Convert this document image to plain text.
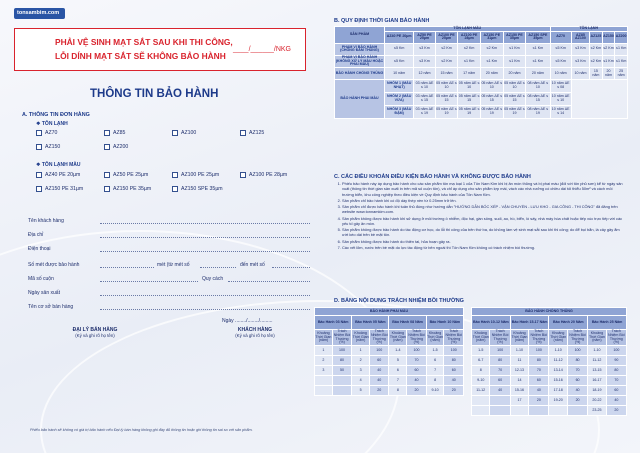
tonsambim.com
PHẢI VỆ SINH MẠT SẮT SAU KHI THI CÔNG,
LỖI DÍNH MẠT SẮT SẼ KHÔNG BẢO HÀNH
____/______/NKG
THÔNG TIN BẢO HÀNH
A. THÔNG TIN ĐƠN HÀNG
❖ TÔN LẠNH
❖ TÔN LẠNH MÀU
Tên khách hàng
Địa chỉ
Điện thoại
Số mét được bảo hành	mét (từ mét số	đến mét số
Mã số cuộn	Quy cách
Ngày sản xuất
Tên cơ sở bán hàng
Ngày ......../......../.........
ĐẠI LÝ BÁN HÀNG
(Ký và ghi rõ họ tên)
KHÁCH HÀNG
(Ký và ghi rõ họ tên)
Phiếu bảo hành sẽ không có giá trị bảo hành nếu Đại lý bán hàng không ghi đầy đủ thông tin hoặc ghi thông tin sai so với sản phẩm.
B. QUY ĐỊNH THỜI GIAN BẢO HÀNH
SẢN PHẨM	TÔN LẠNH MÀU							TÔN LẠNH				
	AZ40 PE 20µm	AZ50 PE 25µm	AZ100 PE 25µm	AZ100 PE 28µm	AZ150 PE 31µm	AZ150 PE 35µm	AZ150 SPE 35µm	AZ70	AZ85 AZ100	AZ125	AZ150	AZ200
PHẠM VI BẢO HÀNH (CHỐNG ĐÂM THỦNG)	≤5 Km	≤3 Km	≤2 Km	≤2 Km	≤2 Km	≤1 Km	≤1 Km	≤5 Km	≤3 Km	≤2 Km	≤2 Km	≤1 Km
PHẠM VI BẢO HÀNH (KHÔNG XỬ LÝ MÀU HOẶC PHAI MÀU)	≤5 Km	≤3 Km	≤2 Km	≤1 Km	≤1 Km	≤1 Km	≤1 Km	≤5 Km	≤3 Km	≤2 Km	≤1 Km	≤1 Km
BẢO HÀNH CHỐNG THỦNG	10 năm	12 năm	15 năm	17 năm	20 năm	20 năm	20 năm	10 năm	10 năm	15 năm	20 năm	25 năm
BẢO HÀNH PHAI MÀU	NHÓM 1 (MÀU NHẠT)	03 năm ΔE ≤ 10	05 năm ΔE ≤ 10	05 năm ΔE ≤ 10	05 năm ΔE ≤ 10	05 năm ΔE ≤ 10	08 năm ΔE ≤ 10	10 năm ΔE ≤ 08				
	NHÓM 2 (MÀU VỪA)	03 năm ΔE ≤ 15	05 năm ΔE ≤ 15	05 năm ΔE ≤ 15	05 năm ΔE ≤ 15	05 năm ΔE ≤ 15	08 năm ΔE ≤ 15	10 năm ΔE ≤ 10				
	NHÓM 3 (MÀU ĐẬM)	03 năm ΔE ≤ 19	05 năm ΔE ≤ 19	05 năm ΔE ≤ 19	05 năm ΔE ≤ 19	05 năm ΔE ≤ 19	08 năm ΔE ≤ 19	10 năm ΔE ≤ 14				
C. CÁC ĐIỀU KHOẢN ĐIỀU KIỆN BẢO HÀNH VÀ KHÔNG ĐƯỢC BẢO HÀNH
1. Phiếu bảo hành này áp dụng bảo hành cho các sản phẩm tôn mạ loại 1 của Tôn Nam Kim khi bị ăn mòn thủng và bị phai màu (đối với tôn phủ sơn) kể từ ngày sản xuất (thông tin thời gian sản xuất in trên mã số cuộn tôn), và chỉ áp dụng cho sản phẩm lợp mái, vách các nhà xưởng có chiều dài tối thiểu 50m² và cách môi trường biển, khu công nghiệp theo điều kiện về Quy định bảo hành của Tôn Nam Kim.
2. Sản phẩm chỉ bảo hành khi có độ dày thép nền từ 0.25mm trở lên.
3. Sản phẩm chỉ được bảo hành khi tuân thủ đúng như hướng dẫn "HƯỚNG DẪN BỐC XẾP - VẬN CHUYỂN - LƯU KHO - GIA CÔNG - THI CÔNG" đã đăng trên website www.tonnamkim.com.
4. Sản phẩm không được bảo hành khi sử dụng ở môi trường ô nhiễm, độc hại, gần sông, suối, ao, hồ, biển, lò sấy, nhà máy hóa chất hoặc tiếp xúc trực tiếp với các yếu tố gây ăn mòn.
5. Sản phẩm không được bảo hành do tác động cơ học, do lỗi thi công của bên thứ ba, do không làm vệ sinh mạt sắt sau khi thi công; do để bụi bẩn, lá cây gây ẩm ướt kéo dài trên bề mặt tôn.
6. Sản phẩm không được bảo hành do thiên tai, hỏa hoạn gây ra.
7. Các vết lõm, xước trên bề mặt do lực tác động từ bên ngoài thì Tôn Nam Kim không có trách nhiệm bồi thường.
D. BẢNG NỘI DUNG TRÁCH NHIỆM BỒI THƯỜNG
BẢO HÀNH PHAI MÀU							
Bảo Hành 03 Năm		Bảo Hành 05 Năm		Bảo Hành 08 Năm		Bảo Hành 10 Năm	
Khoảng Thời Gian (năm)	Trách Nhiệm Bồi Thường (%)	Khoảng Thời Gian (năm)	Trách Nhiệm Bồi Thường (%)	Khoảng Thời Gian (năm)	Trách Nhiệm Bồi Thường (%)	Khoảng Thời Gian (năm)	Trách Nhiệm Bồi Thường (%)
1	100	1	100	1-4	100	1-5	100
2	80	2	60	5	70	6	80
3	50	3	40	6	60	7	60
		4	40	7	40	8	40
		5	20	8	20	9-10	20
BẢO HÀNH CHỐNG THỦNG							
Bảo Hành 10-12 Năm		Bảo Hành 15-17 Năm		Bảo Hành 20 Năm		Bảo Hành 25 Năm	
Khoảng Thời Gian (năm)	Trách Nhiệm Bồi Thường (%)	Khoảng Thời Gian (năm)	Trách Nhiệm Bồi Thường (%)	Khoảng Thời Gian (năm)	Trách Nhiệm Bồi Thường (%)	Khoảng Thời Gian (năm)	Trách Nhiệm Bồi Thường (%)
1-5	100	1-10	100	1-10	100	1-10	100
6-7	80	11	80	11-12	80	11-12	90
8	70	12-13	70	13-14	70	13-15	80
9-10	60	14	60	15-16	60	16-17	70
11-12	40	15-16	40	17-18	40	18-19	60
		17	20	19-20	20	20-22	40
						23-25	20
AZ70	AZ85	AZ100	AZ125
AZ150	AZ200
AZ40 PE 20µm	AZ50 PE 25µm	AZ100 PE 25µm	AZ100 PE 28µm
AZ150 PE 31µm	AZ150 PE 35µm	AZ150 SPE 35µm
